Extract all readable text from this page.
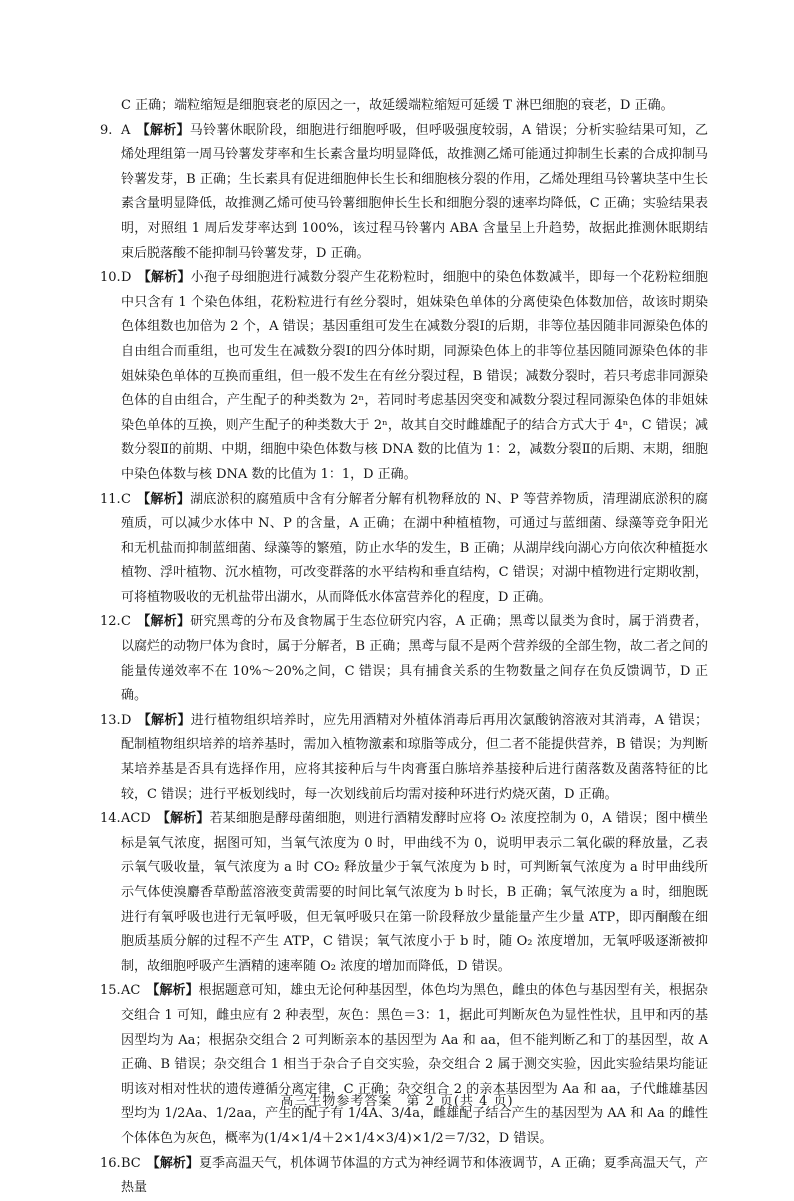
C 正确；端粒缩短是细胞衰老的原因之一，故延缓端粒缩短可延缓 T 淋巴细胞的衰老，D 正确。

9. A 【解析】马铃薯休眠阶段，细胞进行细胞呼吸，但呼吸强度较弱，A 错误；分析实验结果可知，乙烯处理组第一周马铃薯发芽率和生长素含量均明显降低，故推测乙烯可能通过抑制生长素的合成抑制马铃薯发芽，B 正确；生长素具有促进细胞伸长生长和细胞核分裂的作用，乙烯处理组马铃薯块茎中生长素含量明显降低，故推测乙烯可使马铃薯细胞伸长生长和细胞分裂的速率均降低，C 正确；实验结果表明，对照组 1 周后发芽率达到 100%，该过程马铃薯内 ABA 含量呈上升趋势，故据此推测休眠期结束后脱落酸不能抑制马铃薯发芽，D 正确。
10. D 【解析】小孢子母细胞进行减数分裂产生花粉粒时，细胞中的染色体数减半，即每一个花粉粒细胞中只含有 1 个染色体组，花粉粒进行有丝分裂时，姐妹染色单体的分离使染色体数加倍，故该时期染色体组数也加倍为 2 个，A 错误；基因重组可发生在减数分裂Ⅰ的后期，非等位基因随非同源染色体的自由组合而重组，也可发生在减数分裂Ⅰ的四分体时期，同源染色体上的非等位基因随同源染色体的非姐妹染色单体的互换而重组，但一般不发生在有丝分裂过程，B 错误；减数分裂时，若只考虑非同源染色体的自由组合，产生配子的种类数为 2ⁿ，若同时考虑基因突变和减数分裂过程同源染色体的非姐妹染色单体的互换，则产生配子的种类数大于 2ⁿ，故其自交时雌雄配子的结合方式大于 4ⁿ，C 错误；减数分裂Ⅱ的前期、中期，细胞中染色体数与核 DNA 数的比值为 1：2，减数分裂Ⅱ的后期、末期，细胞中染色体数与核 DNA 数的比值为 1：1，D 正确。
11. C 【解析】湖底淤积的腐殖质中含有分解者分解有机物释放的 N、P 等营养物质，清理湖底淤积的腐殖质，可以减少水体中 N、P 的含量，A 正确；在湖中种植植物，可通过与蓝细菌、绿藻等竞争阳光和无机盐而抑制蓝细菌、绿藻等的繁殖，防止水华的发生，B 正确；从湖岸线向湖心方向依次种植挺水植物、浮叶植物、沉水植物，可改变群落的水平结构和垂直结构，C 错误；对湖中植物进行定期收割，可将植物吸收的无机盐带出湖水，从而降低水体富营养化的程度，D 正确。
12. C 【解析】研究黑鸢的分布及食物属于生态位研究内容，A 正确；黑鸢以鼠类为食时，属于消费者，以腐烂的动物尸体为食时，属于分解者，B 正确；黑鸢与鼠不是两个营养级的全部生物，故二者之间的能量传递效率不在 10%～20%之间，C 错误；具有捕食关系的生物数量之间存在负反馈调节，D 正确。
13. D 【解析】进行植物组织培养时，应先用酒精对外植体消毒后再用次氯酸钠溶液对其消毒，A 错误；配制植物组织培养的培养基时，需加入植物激素和琼脂等成分，但二者不能提供营养，B 错误；为判断某培养基是否具有选择作用，应将其接种后与牛肉膏蛋白胨培养基接种后进行菌落数及菌落特征的比较，C 错误；进行平板划线时，每一次划线前后均需对接种环进行灼烧灭菌，D 正确。
14. ACD 【解析】若某细胞是酵母菌细胞，则进行酒精发酵时应将 O₂ 浓度控制为 0，A 错误；图中横坐标是氧气浓度，据图可知，当氧气浓度为 0 时，甲曲线不为 0，说明甲表示二氧化碳的释放量，乙表示氧气吸收量，氧气浓度为 a 时 CO₂ 释放量少于氧气浓度为 b 时，可判断氧气浓度为 a 时甲曲线所示气体使溴麝香草酚蓝溶液变黄需要的时间比氧气浓度为 b 时长，B 正确；氧气浓度为 a 时，细胞既进行有氧呼吸也进行无氧呼吸，但无氧呼吸只在第一阶段释放少量能量产生少量 ATP，即丙酮酸在细胞质基质分解的过程不产生 ATP，C 错误；氧气浓度小于 b 时，随 O₂ 浓度增加，无氧呼吸逐渐被抑制，故细胞呼吸产生酒精的速率随 O₂ 浓度的增加而降低，D 错误。
15. AC 【解析】根据题意可知，雄虫无论何种基因型，体色均为黑色，雌虫的体色与基因型有关，根据杂交组合 1 可知，雌虫应有 2 种表型，灰色：黑色＝3：1，据此可判断灰色为显性性状，且甲和丙的基因型均为 Aa；根据杂交组合 2 可判断亲本的基因型为 Aa 和 aa，但不能判断乙和丁的基因型，故 A 正确、B 错误；杂交组合 1 相当于杂合子自交实验，杂交组合 2 属于测交实验，因此实验结果均能证明该对相对性状的遗传遵循分离定律，C 正确；杂交组合 2 的亲本基因型为 Aa 和 aa，子代雌雄基因型均为 1/2Aa、1/2aa，产生的配子有 1/4A、3/4a，雌雄配子结合产生的基因型为 AA 和 Aa 的雌性个体体色为灰色，概率为(1/4×1/4＋2×1/4×3/4)×1/2＝7/32，D 错误。
16. BC 【解析】夏季高温天气，机体调节体温的方式为神经调节和体液调节，A 正确；夏季高温天气，产热量
高三生物参考答案　第 2 页(共 4 页)
